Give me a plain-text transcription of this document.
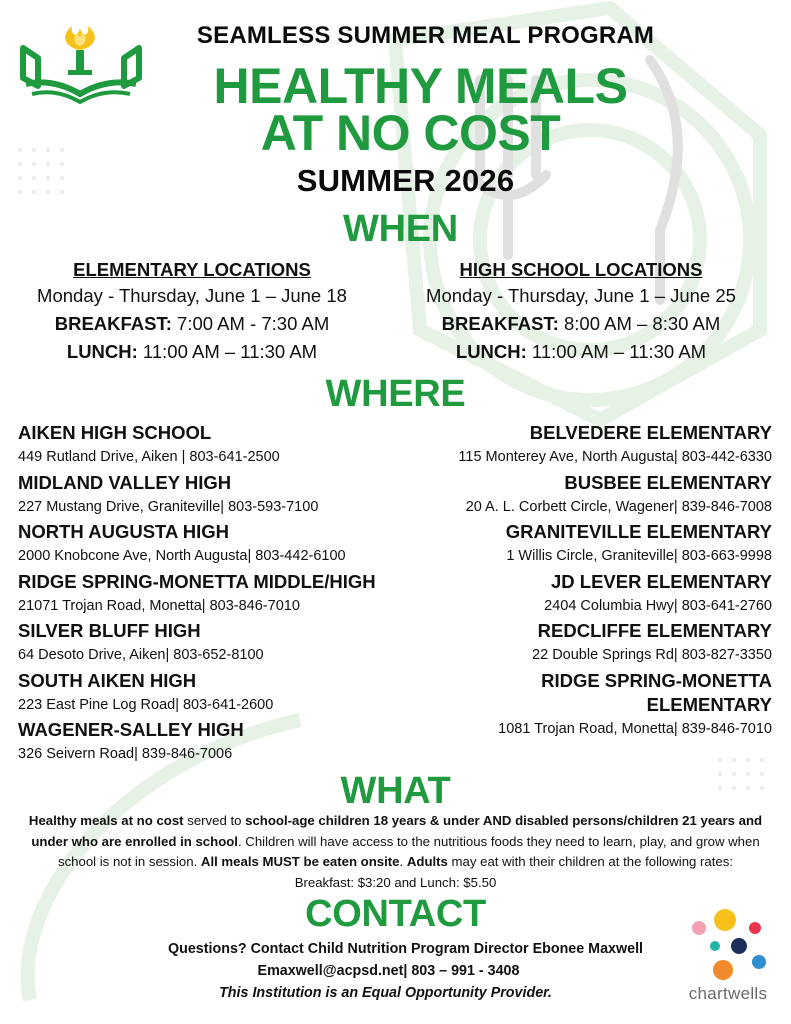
SEAMLESS SUMMER MEAL PROGRAM
HEALTHY MEALS
AT NO COST
SUMMER 2026
WHEN
ELEMENTARY LOCATIONS
Monday - Thursday, June 1 – June 18
BREAKFAST: 7:00 AM - 7:30 AM
LUNCH: 11:00 AM – 11:30 AM
HIGH SCHOOL LOCATIONS
Monday - Thursday, June 1 – June 25
BREAKFAST: 8:00 AM – 8:30 AM
LUNCH: 11:00 AM – 11:30 AM
WHERE
AIKEN HIGH SCHOOL
449 Rutland Drive, Aiken | 803-641-2500
MIDLAND VALLEY HIGH
227 Mustang Drive, Graniteville| 803-593-7100
NORTH AUGUSTA HIGH
2000 Knobcone Ave, North Augusta| 803-442-6100
RIDGE SPRING-MONETTA MIDDLE/HIGH
21071 Trojan Road, Monetta| 803-846-7010
SILVER BLUFF HIGH
64 Desoto Drive, Aiken| 803-652-8100
SOUTH AIKEN HIGH
223 East Pine Log Road| 803-641-2600
WAGENER-SALLEY HIGH
326 Seivern Road| 839-846-7006
BELVEDERE ELEMENTARY
115 Monterey Ave, North Augusta| 803-442-6330
BUSBEE ELEMENTARY
20 A. L. Corbett Circle, Wagener| 839-846-7008
GRANITEVILLE ELEMENTARY
1 Willis Circle, Graniteville| 803-663-9998
JD LEVER ELEMENTARY
2404 Columbia Hwy| 803-641-2760
REDCLIFFE ELEMENTARY
22 Double Springs Rd| 803-827-3350
RIDGE SPRING-MONETTA
ELEMENTARY
1081 Trojan Road, Monetta| 839-846-7010
WHAT
Healthy meals at no cost served to school-age children 18 years & under AND disabled persons/children 21 years and under who are enrolled in school. Children will have access to the nutritious foods they need to learn, play, and grow when school is not in session. All meals MUST be eaten onsite. Adults may eat with their children at the following rates: Breakfast: $3:20 and Lunch: $5.50
CONTACT
Questions? Contact Child Nutrition Program Director Ebonee Maxwell
Emaxwell@acpsd.net| 803 – 991 - 3408
This Institution is an Equal Opportunity Provider.	chartwells
